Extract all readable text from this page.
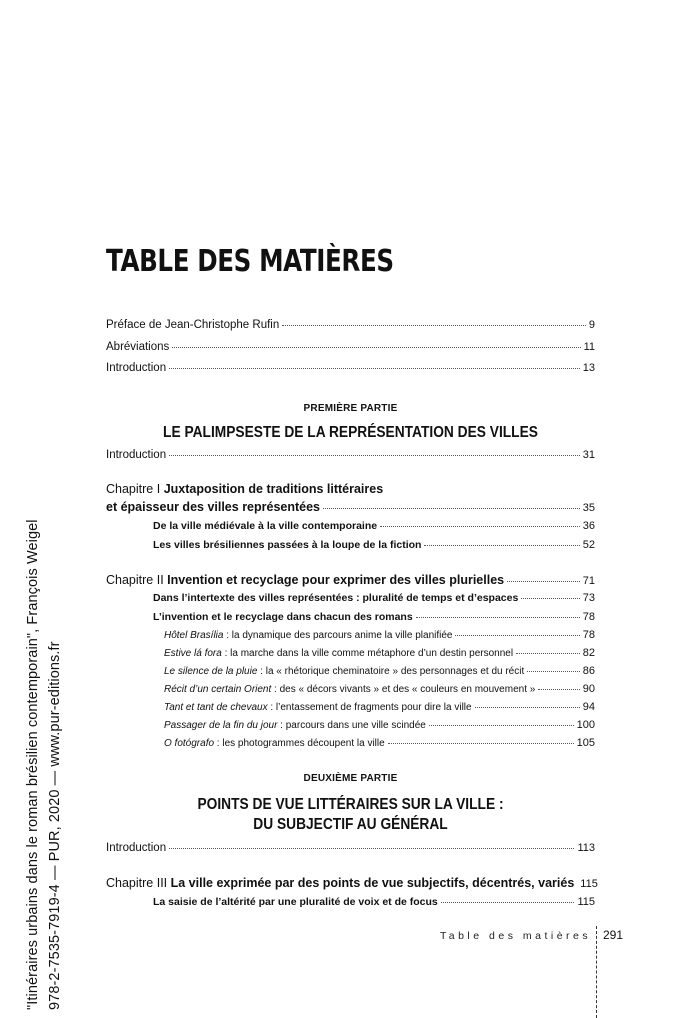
"Itinéraires urbains dans le roman brésilien contemporain", François Weigel 978-2-7535-7919-4 — PUR, 2020 — www.pur-editions.fr
TABLE DES MATIÈRES
Préface de Jean-Christophe Rufin	9
Abréviations	11
Introduction	13
PREMIÈRE PARTIE
LE PALIMPSESTE DE LA REPRÉSENTATION DES VILLES
Introduction	31
Chapitre I Juxtaposition de traditions littéraires
et épaisseur des villes représentées	35
De la ville médiévale à la ville contemporaine	36
Les villes brésiliennes passées à la loupe de la fiction	52
Chapitre II Invention et recyclage pour exprimer des villes plurielles	71
Dans l’intertexte des villes représentées : pluralité de temps et d’espaces	73
L’invention et le recyclage dans chacun des romans	78
Hôtel Brasília : la dynamique des parcours anime la ville planifiée	78
Estive lá fora : la marche dans la ville comme métaphore d’un destin personnel	82
Le silence de la pluie : la « rhétorique cheminatoire » des personnages et du récit	86
Récit d’un certain Orient : des « décors vivants » et des « couleurs en mouvement »	90
Tant et tant de chevaux : l’entassement de fragments pour dire la ville	94
Passager de la fin du jour : parcours dans une ville scindée	100
O fotógrafo : les photogrammes découpent la ville	105
DEUXIÈME PARTIE
POINTS DE VUE LITTÉRAIRES SUR LA VILLE :
DU SUBJECTIF AU GÉNÉRAL
Introduction	113
Chapitre III La ville exprimée par des points de vue subjectifs, décentrés, variés 115
La saisie de l’altérité par une pluralité de voix et de focus	115
Table des matières 291
